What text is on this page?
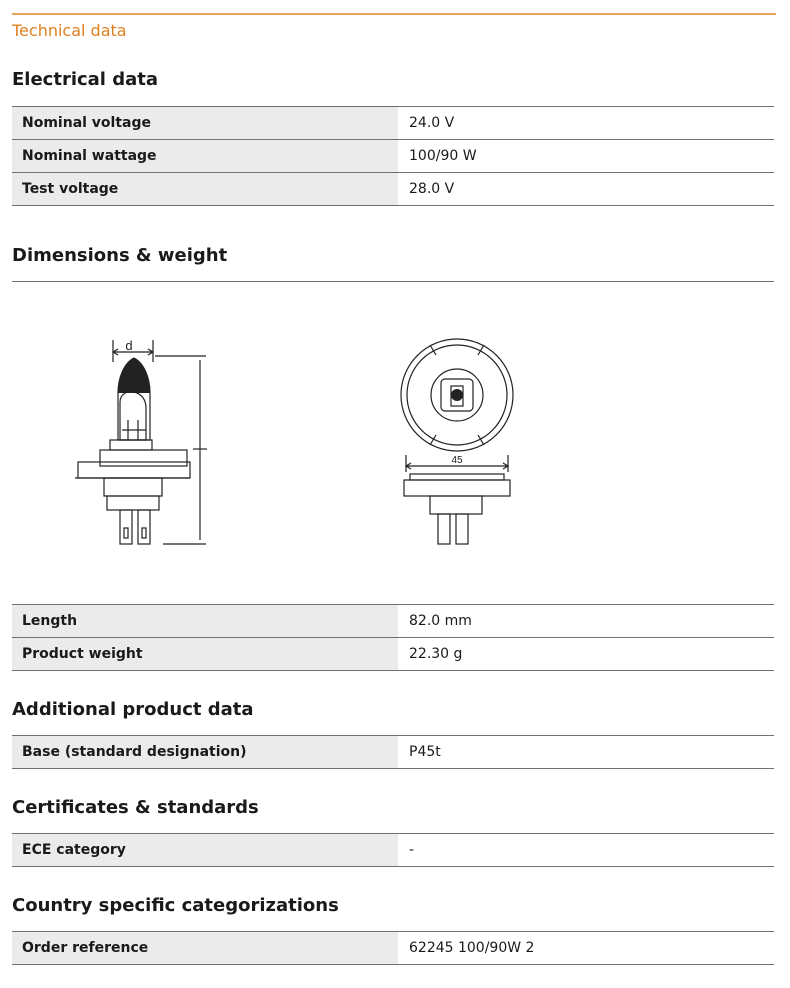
Technical data
Electrical data
Nominal voltage	24.0 V
Nominal wattage	100/90 W
Test voltage	28.0 V
Dimensions & weight
d
45
Length	82.0 mm
Product weight	22.30 g
Additional product data
Base (standard designation)	P45t
Certificates & standards
ECE category	-
Country specific categorizations
Order reference	62245 100/90W 2
